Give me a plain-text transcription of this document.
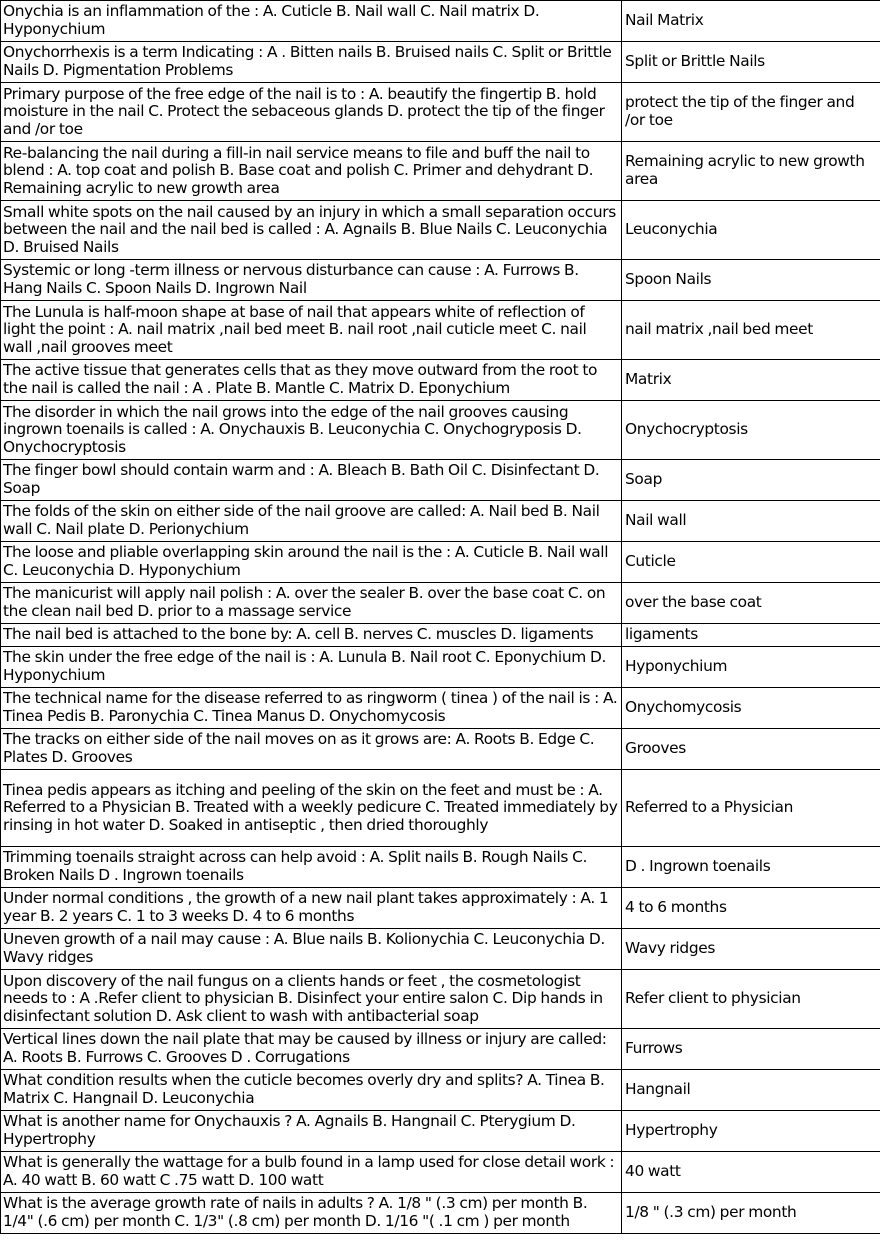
Onychia is an inflammation of the : A. Cuticle B. Nail wall C. Nail matrix D. Hyponychium	Nail Matrix
Onychorrhexis is a term Indicating : A . Bitten nails B. Bruised nails C. Split or Brittle Nails D. Pigmentation Problems	Split or Brittle Nails
Primary purpose of the free edge of the nail is to : A. beautify the fingertip B. hold moisture in the nail C. Protect the sebaceous glands D. protect the tip of the finger and /or toe	protect the tip of the finger and /or toe
Re-balancing the nail during a fill-in nail service means to file and buff the nail to blend : A. top coat and polish B. Base coat and polish C. Primer and dehydrant D. Remaining acrylic to new growth area	Remaining acrylic to new growth area
Small white spots on the nail caused by an injury in which a small separation occurs between the nail and the nail bed is called : A. Agnails B. Blue Nails C. Leuconychia D. Bruised Nails	Leuconychia
Systemic or long -term illness or nervous disturbance can cause : A. Furrows B. Hang Nails C. Spoon Nails D. Ingrown Nail	Spoon Nails
The Lunula is half-moon shape at base of nail that appears white of reflection of light the point : A. nail matrix ,nail bed meet B. nail root ,nail cuticle meet C. nail wall ,nail grooves meet	nail matrix ,nail bed meet
The active tissue that generates cells that as they move outward from the root to the nail is called the nail : A . Plate B. Mantle C. Matrix D. Eponychium	Matrix
The disorder in which the nail grows into the edge of the nail grooves causing ingrown toenails is called : A. Onychauxis B. Leuconychia C. Onychogryposis D. Onychocryptosis	Onychocryptosis
The finger bowl should contain warm and : A. Bleach B. Bath Oil C. Disinfectant D. Soap	Soap
The folds of the skin on either side of the nail groove are called: A. Nail bed B. Nail wall C. Nail plate D. Perionychium	Nail wall
The loose and pliable overlapping skin around the nail is the : A. Cuticle B. Nail wall C. Leuconychia D. Hyponychium	Cuticle
The manicurist will apply nail polish : A. over the sealer B. over the base coat C. on the clean nail bed D. prior to a massage service	over the base coat
The nail bed is attached to the bone by: A. cell B. nerves C. muscles D. ligaments	ligaments
The skin under the free edge of the nail is : A. Lunula B. Nail root C. Eponychium D. Hyponychium	Hyponychium
The technical name for the disease referred to as ringworm ( tinea ) of the nail is : A. Tinea Pedis B. Paronychia C. Tinea Manus D. Onychomycosis	Onychomycosis
The tracks on either side of the nail moves on as it grows are: A. Roots B. Edge C. Plates D. Grooves	Grooves
Tinea pedis appears as itching and peeling of the skin on the feet and must be : A. Referred to a Physician B. Treated with a weekly pedicure C. Treated immediately by rinsing in hot water D. Soaked in antiseptic , then dried thoroughly	Referred to a Physician
Trimming toenails straight across can help avoid : A. Split nails B. Rough Nails C. Broken Nails D . Ingrown toenails	D . Ingrown toenails
Under normal conditions , the growth of a new nail plant takes approximately : A. 1 year B. 2 years C. 1 to 3 weeks D. 4 to 6 months	4 to 6 months
Uneven growth of a nail may cause : A. Blue nails B. Kolionychia C. Leuconychia D. Wavy ridges	Wavy ridges
Upon discovery of the nail fungus on a clients hands or feet , the cosmetologist needs to : A .Refer client to physician B. Disinfect your entire salon C. Dip hands in disinfectant solution D. Ask client to wash with antibacterial soap	Refer client to physician
Vertical lines down the nail plate that may be caused by illness or injury are called: A. Roots B. Furrows C. Grooves D . Corrugations	Furrows
What condition results when the cuticle becomes overly dry and splits? A. Tinea B. Matrix C. Hangnail D. Leuconychia	Hangnail
What is another name for Onychauxis ? A. Agnails B. Hangnail C. Pterygium D. Hypertrophy	Hypertrophy
What is generally the wattage for a bulb found in a lamp used for close detail work : A. 40 watt B. 60 watt C .75 watt D. 100 watt	40 watt
What is the average growth rate of nails in adults ? A. 1/8 " (.3 cm) per month B. 1/4" (.6 cm) per month C. 1/3" (.8 cm) per month D. 1/16 "( .1 cm ) per month	1/8 " (.3 cm) per month
